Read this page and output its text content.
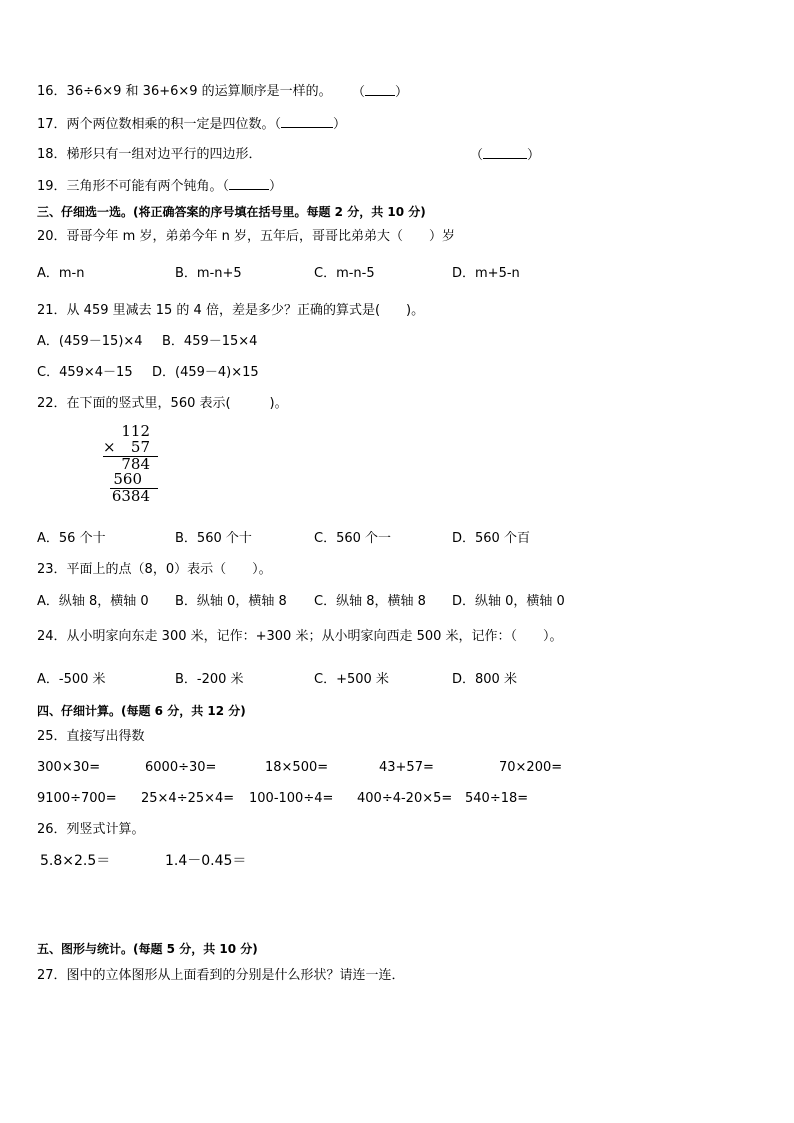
16．36÷6×9 和 36+6×9 的运算顺序是一样的。 （ ）
17．两个两位数相乘的积一定是四位数。（	）
18．梯形只有一组对边平行的四边形．	（	）
19．三角形不可能有两个钝角。（	）
三、仔细选一选。(将正确答案的序号填在括号里。每题 2 分，共 10 分)
20．哥哥今年 m 岁，弟弟今年 n 岁，五年后，哥哥比弟弟大（　　）岁
A．m-n	B．m-n+5	C．m-n-5	D．m+5-n
21．从 459 里减去 15 的 4 倍，差是多少？正确的算式是(　　)。
A．(459－15)×4 B．459－15×4
C．459×4－15 D．(459－4)×15
22．在下面的竖式里，560 表示(　　　)。
112
×	57
784
560
6384
A．56 个十	B．560 个十	C．560 个一	D．560 个百
23．平面上的点（8，0）表示（　　）。
A．纵轴 8，横轴 0 B．纵轴 0，横轴 8 C．纵轴 8，横轴 8 D．纵轴 0，横轴 0
24．从小明家向东走 300 米，记作：+300 米；从小明家向西走 500 米，记作：（　　）。
A．-500 米	B．-200 米	C．+500 米	D．800 米
四、仔细计算。(每题 6 分，共 12 分)
25．直接写出得数
300×30=	6000÷30=	18×500=	43+57=	70×200=
9100÷700= 25×4÷25×4= 100-100÷4= 400÷4-20×5= 540÷18=
26．列竖式计算。
5.8×2.5＝	1.4－0.45＝
五、图形与统计。(每题 5 分，共 10 分)
27．图中的立体图形从上面看到的分别是什么形状？请连一连．
